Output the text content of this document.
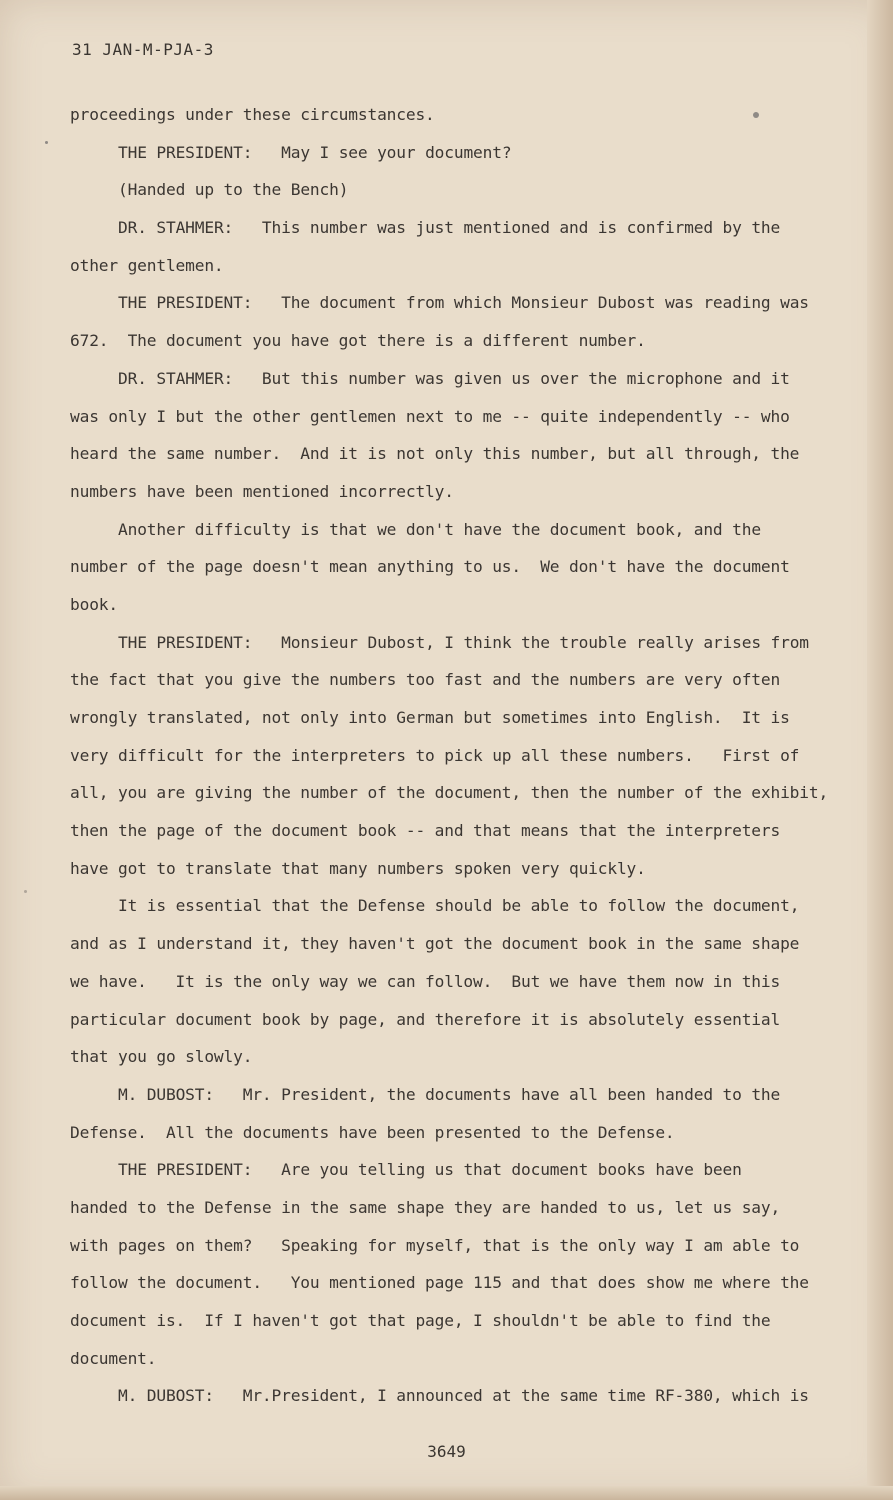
31 JAN-M-PJA-3
proceedings under these circumstances.
THE PRESIDENT:   May I see your document?
(Handed up to the Bench)
DR. STAHMER:   This number was just mentioned and is confirmed by the
other gentlemen.
THE PRESIDENT:   The document from which Monsieur Dubost was reading was
672.  The document you have got there is a different number.
DR. STAHMER:   But this number was given us over the microphone and it
was only I but the other gentlemen next to me -- quite independently -- who
heard the same number.  And it is not only this number, but all through, the
numbers have been mentioned incorrectly.
Another difficulty is that we don't have the document book, and the
number of the page doesn't mean anything to us.  We don't have the document
book.
THE PRESIDENT:   Monsieur Dubost, I think the trouble really arises from
the fact that you give the numbers too fast and the numbers are very often
wrongly translated, not only into German but sometimes into English.  It is
very difficult for the interpreters to pick up all these numbers.   First of
all, you are giving the number of the document, then the number of the exhibit,
then the page of the document book -- and that means that the interpreters
have got to translate that many numbers spoken very quickly.
It is essential that the Defense should be able to follow the document,
and as I understand it, they haven't got the document book in the same shape
we have.   It is the only way we can follow.  But we have them now in this
particular document book by page, and therefore it is absolutely essential
that you go slowly.
M. DUBOST:   Mr. President, the documents have all been handed to the
Defense.  All the documents have been presented to the Defense.
THE PRESIDENT:   Are you telling us that document books have been
handed to the Defense in the same shape they are handed to us, let us say,
with pages on them?   Speaking for myself, that is the only way I am able to
follow the document.   You mentioned page 115 and that does show me where the
document is.  If I haven't got that page, I shouldn't be able to find the
document.
M. DUBOST:   Mr.President, I announced at the same time RF-380, which is
3649
